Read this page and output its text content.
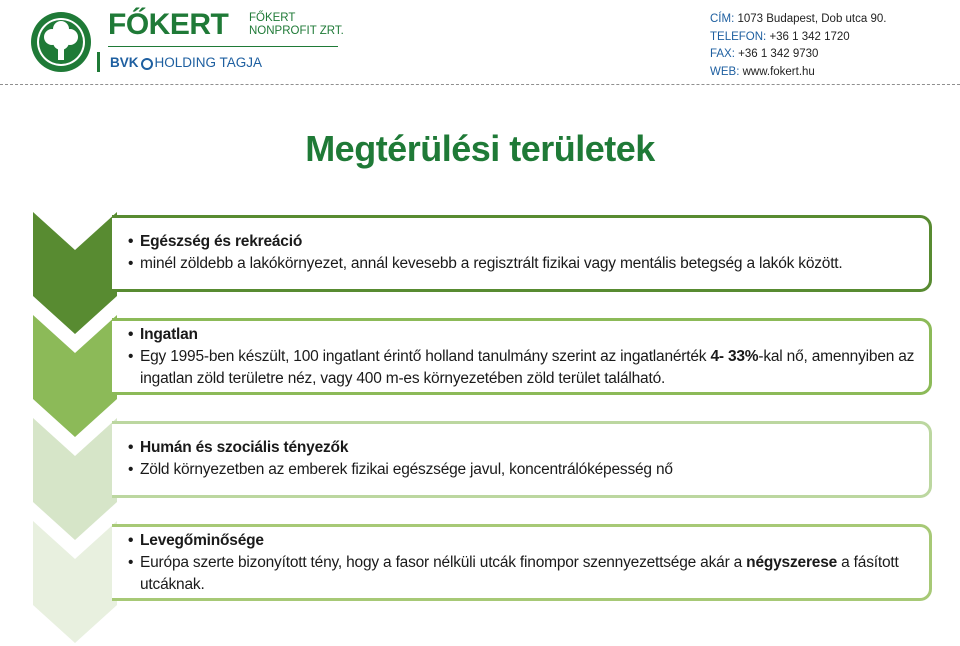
FŐKERT FŐKERT
NONPROFIT ZRT.
BVK HOLDING TAGJA
CÍM: 1073 Budapest, Dob utca 90.
TELEFON: +36 1 342 1720
FAX: +36 1 342 9730
WEB: www.fokert.hu
Megtérülési területek

• Egészség és rekreáció

• minél zöldebb a lakókörnyezet, annál kevesebb a regisztrált fizikai vagy mentális betegség a lakók között.

• Ingatlan

• Egy 1995-ben készült, 100 ingatlant érintő holland tanulmány szerint az ingatlanérték 4- 33%-kal nő, amennyiben az ingatlan zöld területre néz, vagy 400 m-es környezetében zöld terület található.

• Humán és szociális tényezők

• Zöld környezetben az emberek fizikai egészsége javul, koncentrálóképesség nő

• Levegőminősége

• Európa szerte bizonyított tény, hogy a fasor nélküli utcák finompor szennyezettsége akár a négyszerese a fásított utcáknak.
